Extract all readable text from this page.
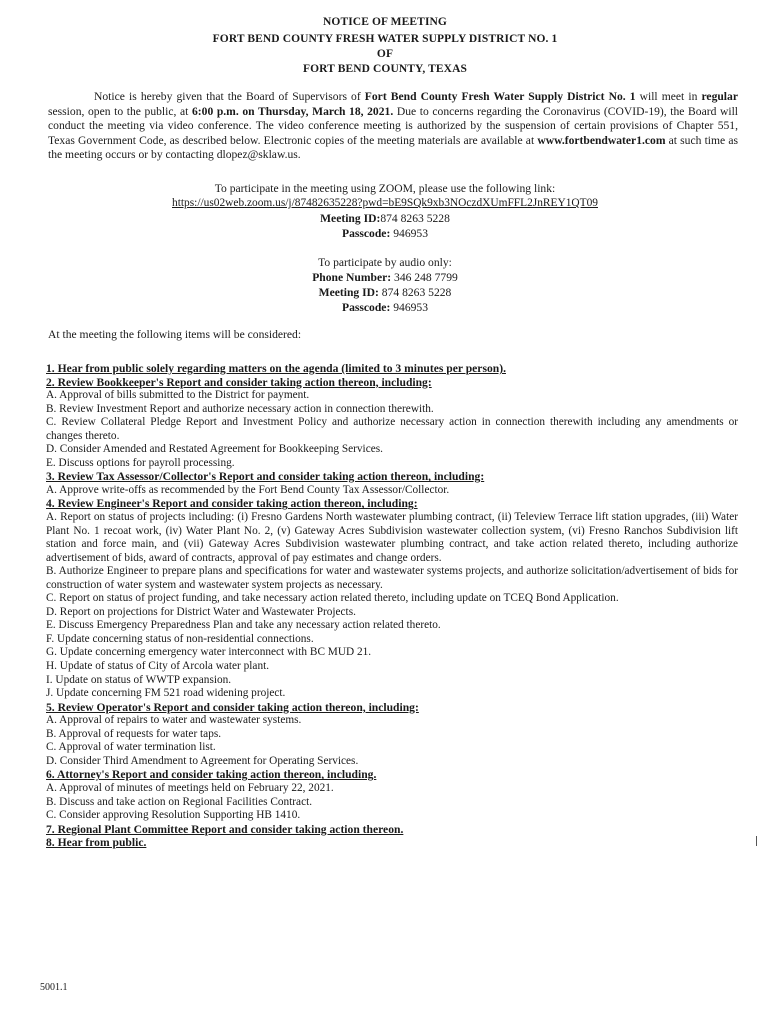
NOTICE OF MEETING
FORT BEND COUNTY FRESH WATER SUPPLY DISTRICT NO. 1
OF
FORT BEND COUNTY, TEXAS
Notice is hereby given that the Board of Supervisors of Fort Bend County Fresh Water Supply District No. 1 will meet in regular session, open to the public, at 6:00 p.m. on Thursday, March 18, 2021. Due to concerns regarding the Coronavirus (COVID-19), the Board will conduct the meeting via video conference. The video conference meeting is authorized by the suspension of certain provisions of Chapter 551, Texas Government Code, as described below. Electronic copies of the meeting materials are available at www.fortbendwater1.com at such time as the meeting occurs or by contacting dlopez@sklaw.us.
To participate in the meeting using ZOOM, please use the following link:
https://us02web.zoom.us/j/87482635228?pwd=bE9SQk9xb3NOczdXUmFFL2JnREY1QT09
Meeting ID:874 8263 5228
Passcode: 946953
To participate by audio only:
Phone Number: 346 248 7799
Meeting ID: 874 8263 5228
Passcode: 946953
At the meeting the following items will be considered:
1. Hear from public solely regarding matters on the agenda (limited to 3 minutes per person).
2. Review Bookkeeper's Report and consider taking action thereon, including:
A. Approval of bills submitted to the District for payment.
B. Review Investment Report and authorize necessary action in connection therewith.
C. Review Collateral Pledge Report and Investment Policy and authorize necessary action in connection therewith including any amendments or changes thereto.
D. Consider Amended and Restated Agreement for Bookkeeping Services.
E. Discuss options for payroll processing.
3. Review Tax Assessor/Collector's Report and consider taking action thereon, including:
A. Approve write-offs as recommended by the Fort Bend County Tax Assessor/Collector.
4. Review Engineer's Report and consider taking action thereon, including:
A. Report on status of projects including: (i) Fresno Gardens North wastewater plumbing contract, (ii) Teleview Terrace lift station upgrades, (iii) Water Plant No. 1 recoat work, (iv) Water Plant No. 2, (v) Gateway Acres Subdivision wastewater collection system, (vi) Fresno Ranchos Subdivision lift station and force main, and (vii) Gateway Acres Subdivision wastewater plumbing contract, and take action related thereto, including authorize advertisement of bids, award of contracts, approval of pay estimates and change orders.
B. Authorize Engineer to prepare plans and specifications for water and wastewater systems projects, and authorize solicitation/advertisement of bids for construction of water system and wastewater system projects as necessary.
C. Report on status of project funding, and take necessary action related thereto, including update on TCEQ Bond Application.
D. Report on projections for District Water and Wastewater Projects.
E. Discuss Emergency Preparedness Plan and take any necessary action related thereto.
F. Update concerning status of non-residential connections.
G. Update concerning emergency water interconnect with BC MUD 21.
H. Update of status of City of Arcola water plant.
I. Update on status of WWTP expansion.
J. Update concerning FM 521 road widening project.
5. Review Operator's Report and consider taking action thereon, including:
A. Approval of repairs to water and wastewater systems.
B. Approval of requests for water taps.
C. Approval of water termination list.
D. Consider Third Amendment to Agreement for Operating Services.
6. Attorney's Report and consider taking action thereon, including.
A. Approval of minutes of meetings held on February 22, 2021.
B. Discuss and take action on Regional Facilities Contract.
C. Consider approving Resolution Supporting HB 1410.
7. Regional Plant Committee Report and consider taking action thereon.
8. Hear from public.
5001.1
